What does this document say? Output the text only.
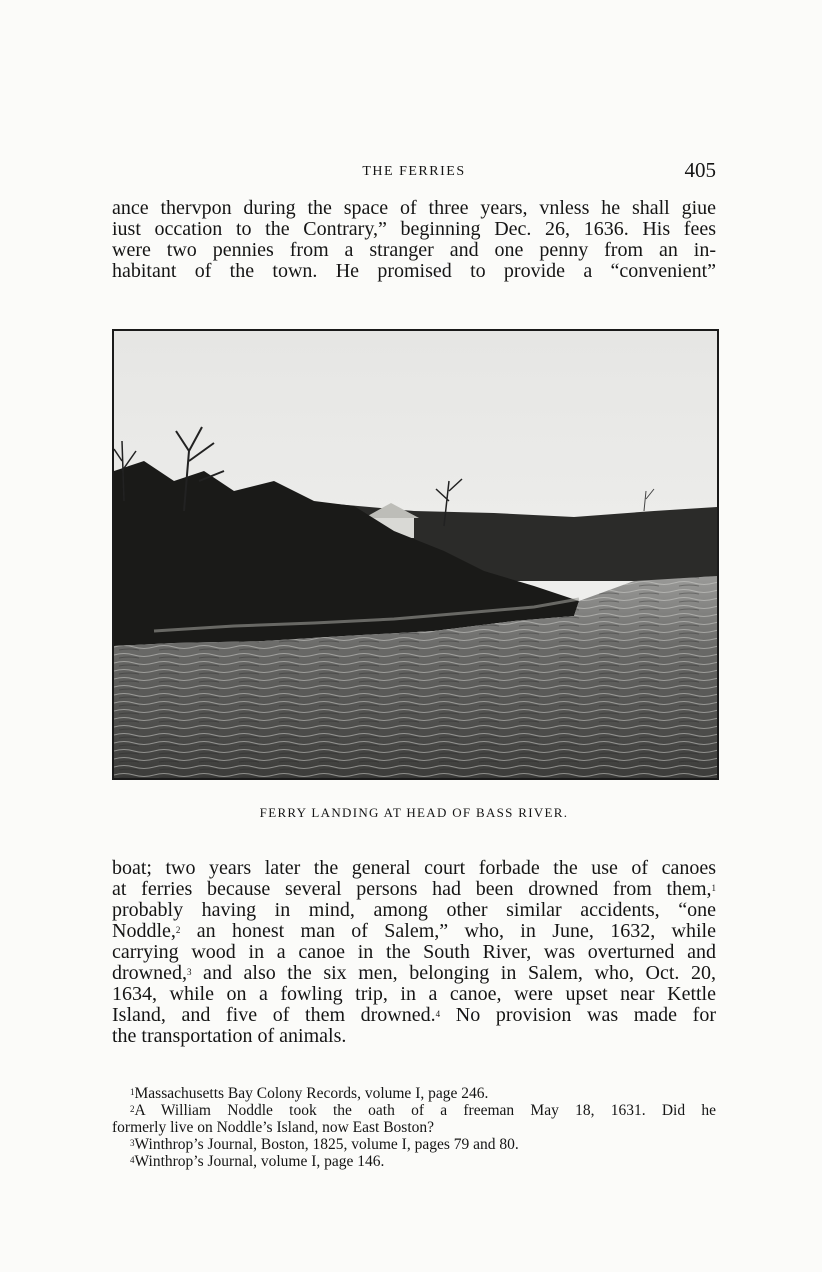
THE FERRIES	405

ance thervpon during the space of three years, vnless he shall giue
iust occation to the Contrary,” beginning Dec. 26, 1636. His fees
were two pennies from a stranger and one penny from an in-
habitant of the town. He promised to provide a “convenient”

FERRY LANDING AT HEAD OF BASS RIVER.

boat; two years later the general court forbade the use of canoes
at ferries because several persons had been drowned from them,$^1$
probably having in mind, among other similar accidents, “one
Noddle,$^2$ an honest man of Salem,” who, in June, 1632, while
carrying wood in a canoe in the South River, was overturned and
drowned,$^3$ and also the six men, belonging in Salem, who, Oct. 20,
1634, while on a fowling trip, in a canoe, were upset near Kettle
Island, and five of them drowned.$^4$ No provision was made for
the transportation of animals.

$^1$Massachusetts Bay Colony Records, volume I, page 246.
$^2$A William Noddle took the oath of a freeman May 18, 1631. Did he
formerly live on Noddle’s Island, now East Boston?
$^3$Winthrop’s Journal, Boston, 1825, volume I, pages 79 and 80.
$^4$Winthrop’s Journal, volume I, page 146.
